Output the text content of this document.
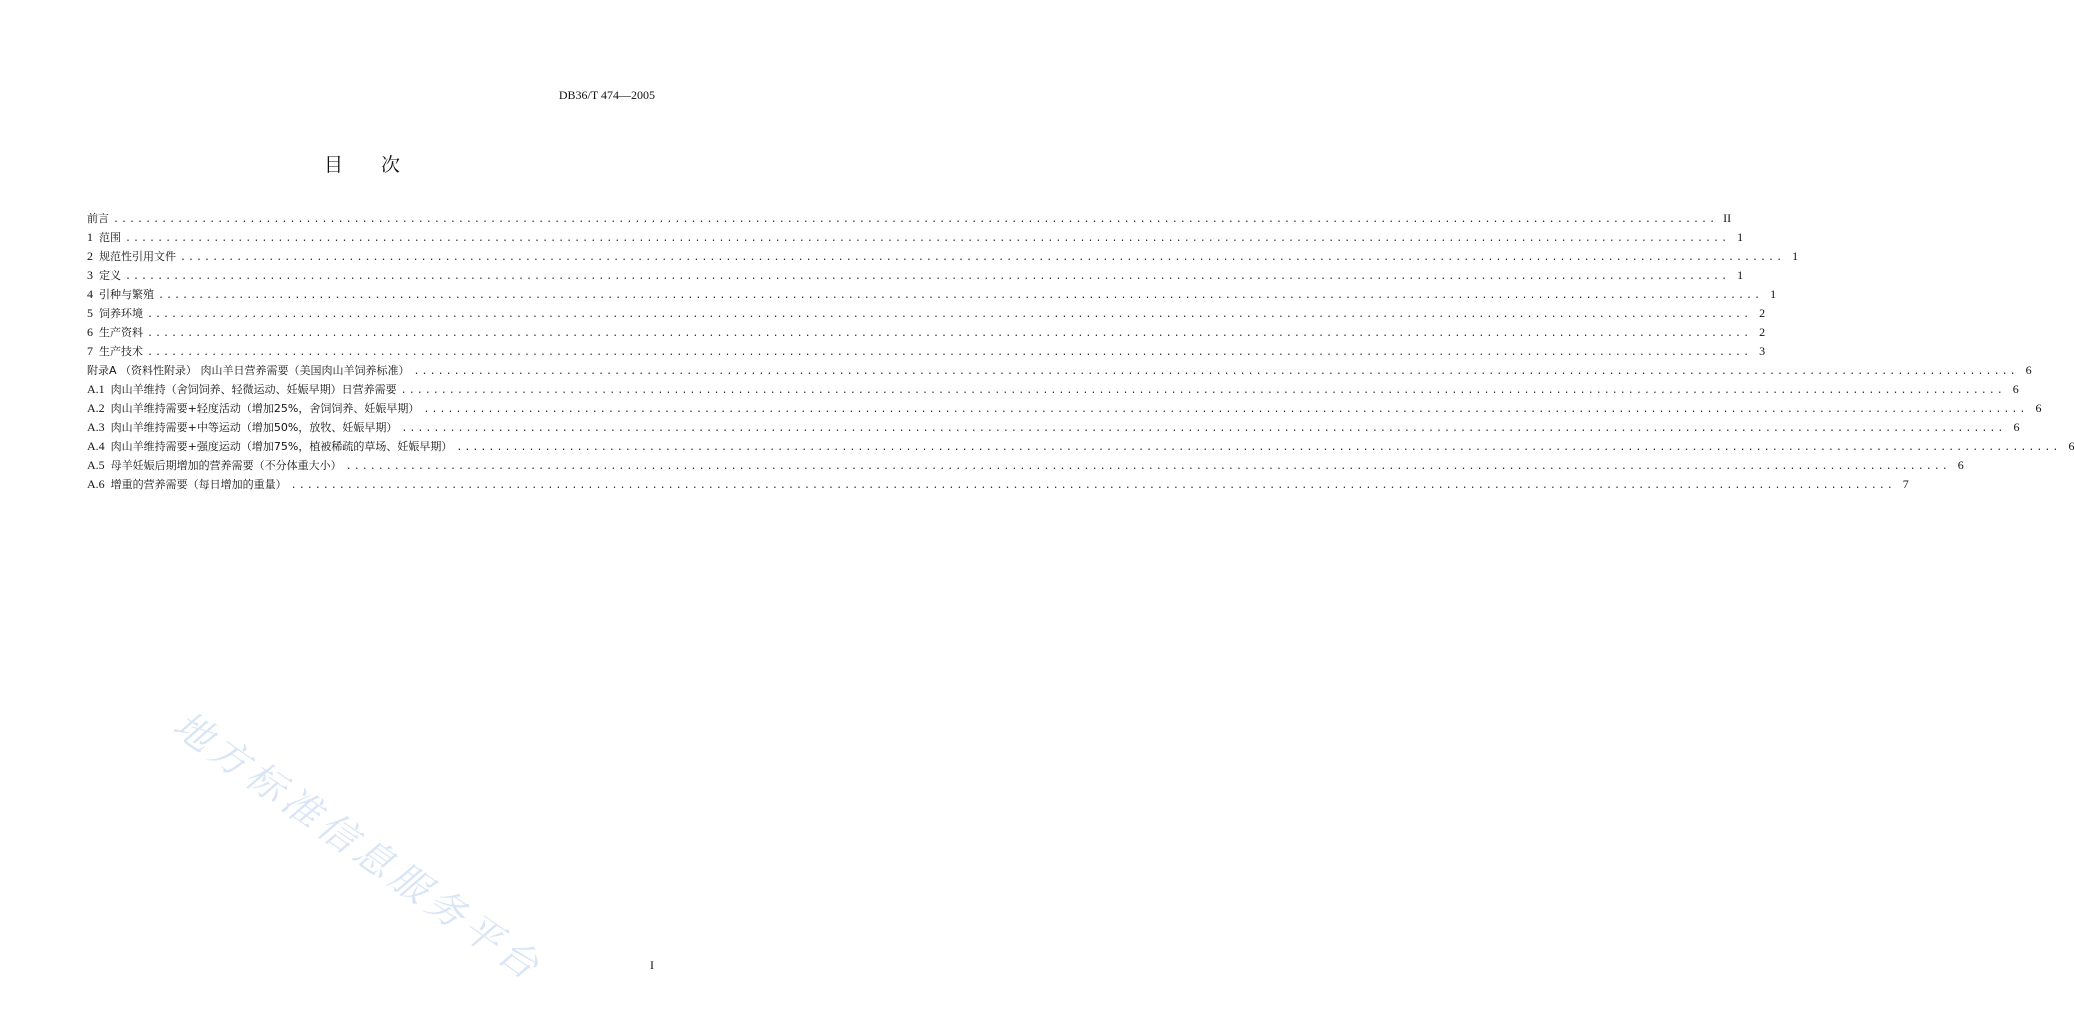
DB36/T 474—2005
目 次
前言 ........................................................................................................................................................................................................ II
1 范围 ........................................................................................................................................................................................................ 1
2 规范性引用文件 ........................................................................................................................................................................................................ 1
3 定义 ........................................................................................................................................................................................................ 1
4 引种与繁殖 ........................................................................................................................................................................................................ 1
5 饲养环境 ........................................................................................................................................................................................................ 2
6 生产资料 ........................................................................................................................................................................................................ 2
7 生产技术 ........................................................................................................................................................................................................ 3
附录A （资料性附录） 肉山羊日营养需要（美国肉山羊饲养标准） ........................................................................................................................................................................................................ 6
A.1 肉山羊维持（舍饲饲养、轻微运动、妊娠早期）日营养需要 ........................................................................................................................................................................................................ 6
A.2 肉山羊维持需要+轻度活动（增加25%，舍饲饲养、妊娠早期） ........................................................................................................................................................................................................ 6
A.3 肉山羊维持需要+中等运动（增加50%，放牧、妊娠早期） ........................................................................................................................................................................................................ 6
A.4 肉山羊维持需要+强度运动（增加75%，植被稀疏的草场、妊娠早期） ........................................................................................................................................................................................................ 6
A.5 母羊妊娠后期增加的营养需要（不分体重大小） ........................................................................................................................................................................................................ 6
A.6 增重的营养需要（每日增加的重量） ........................................................................................................................................................................................................ 7
地方标准信息服务平台	I
